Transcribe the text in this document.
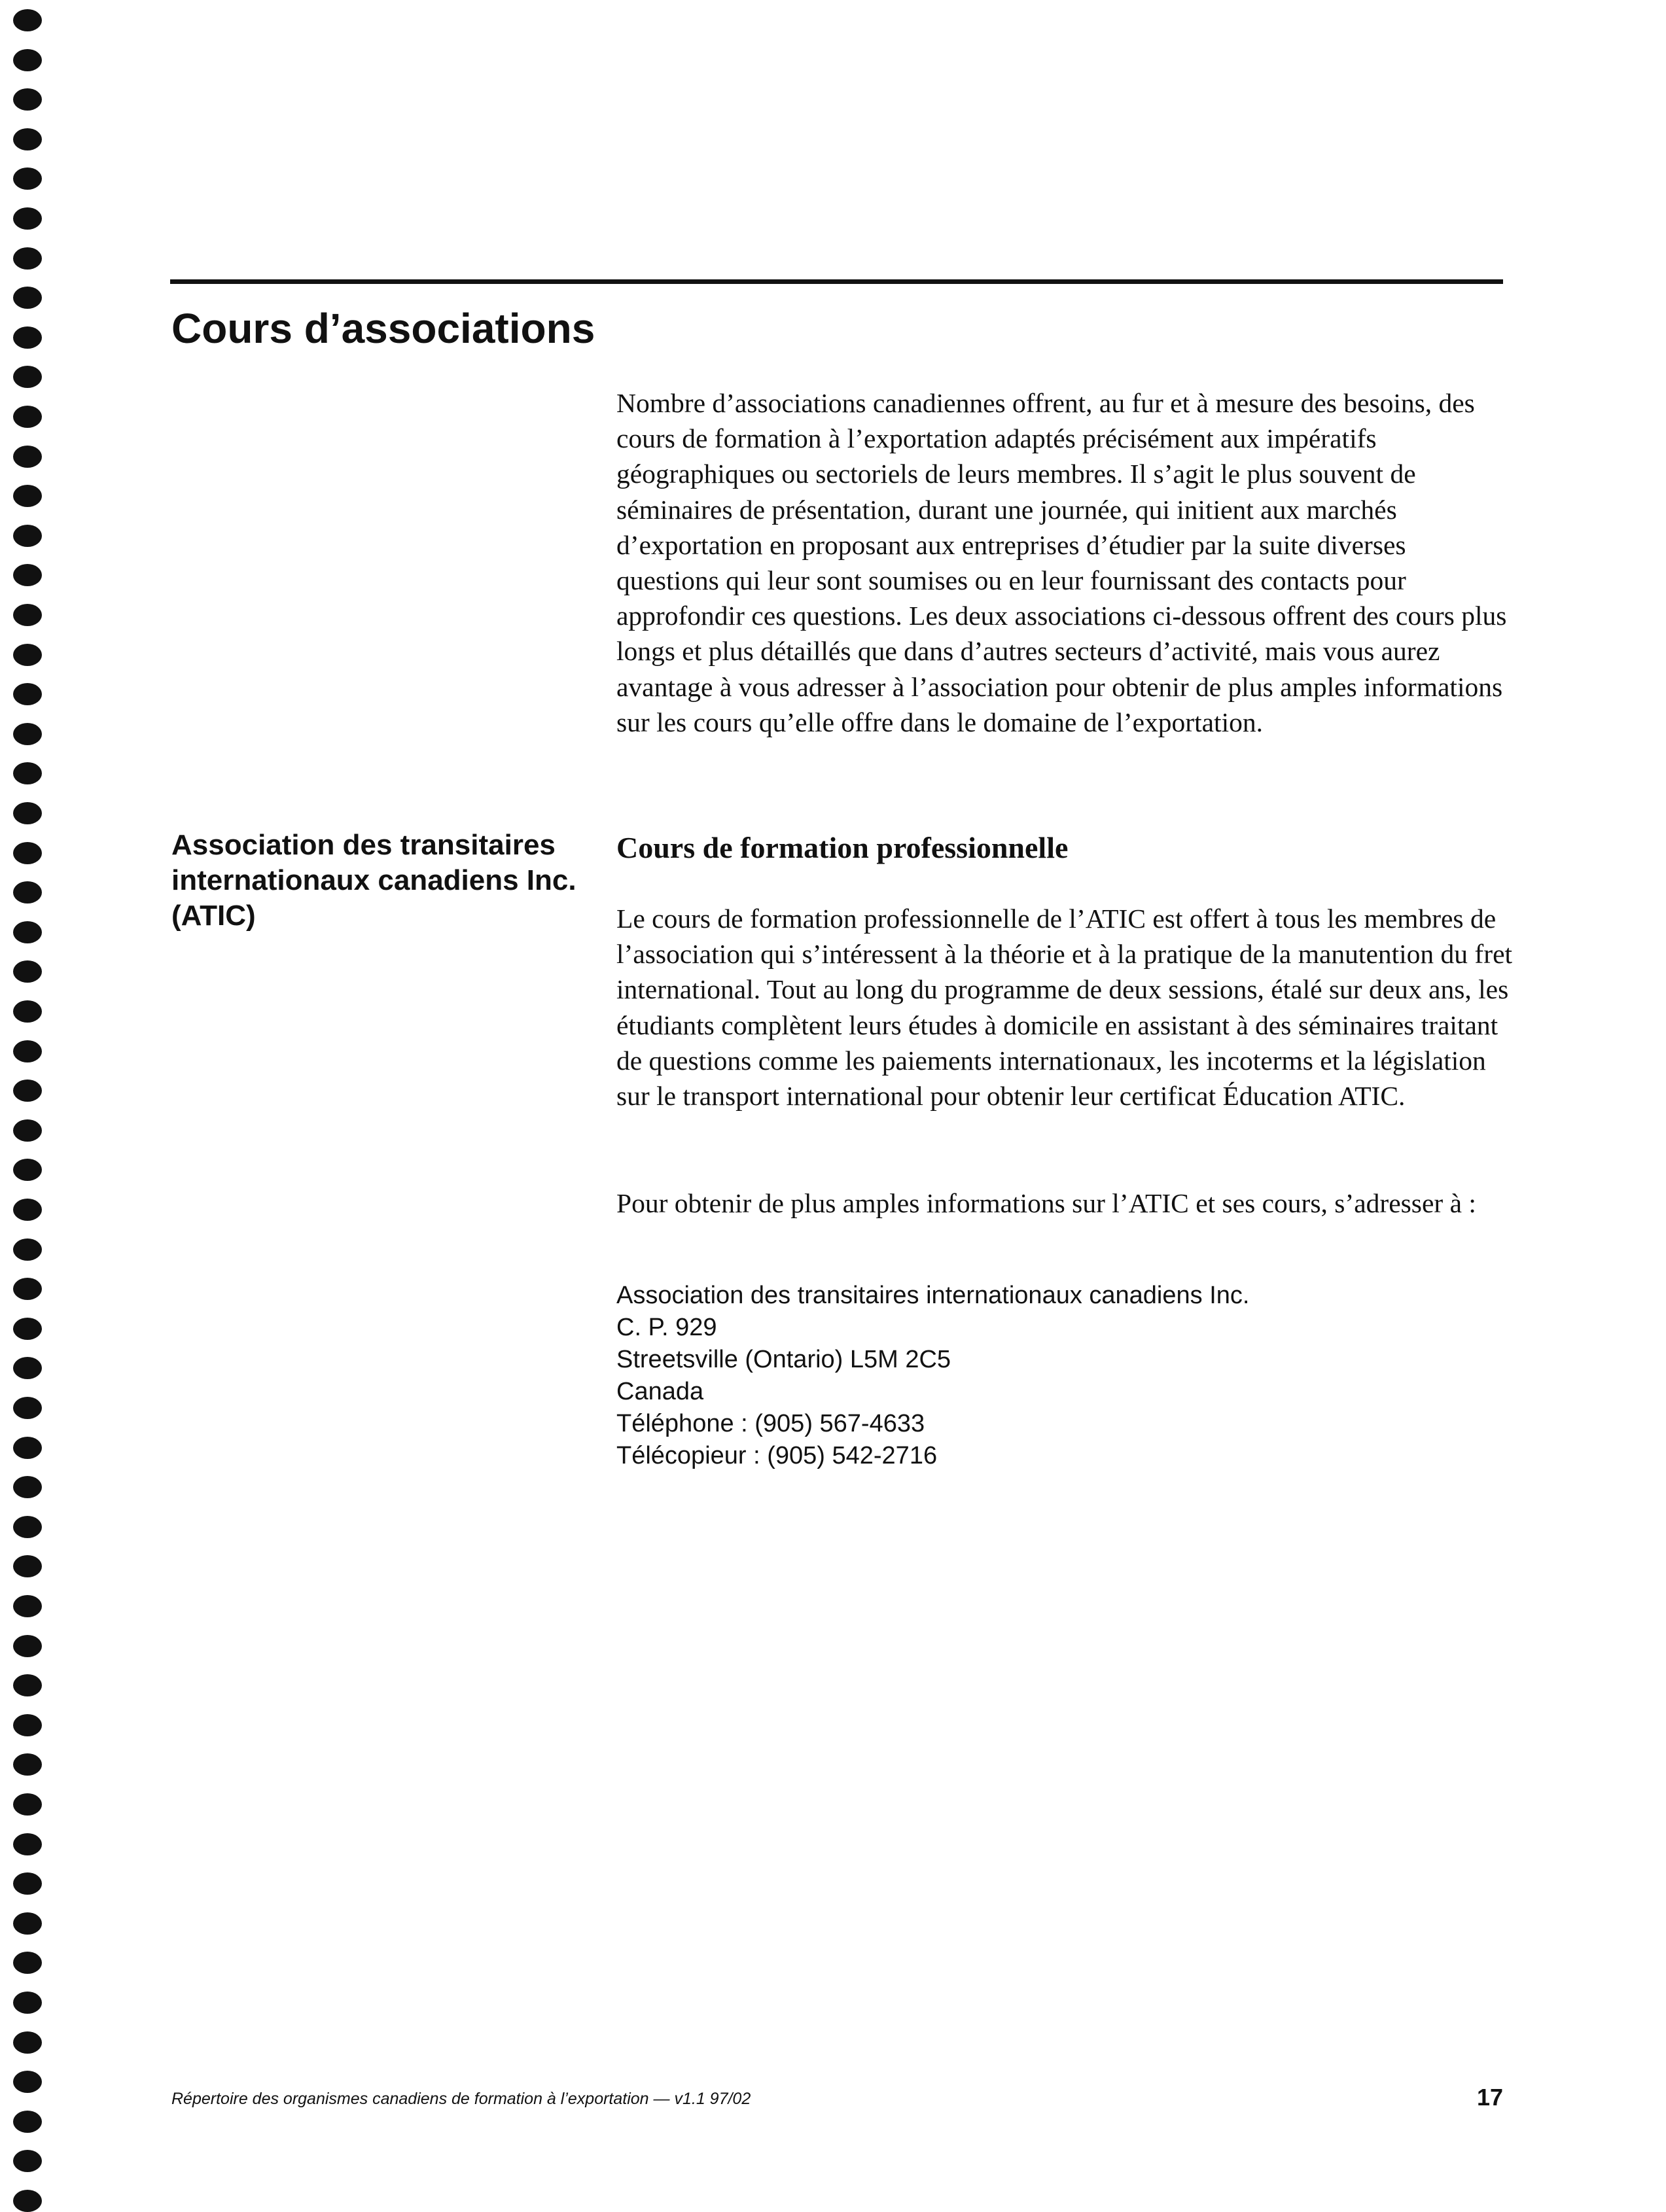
Cours d’associations

Nombre d’associations canadiennes offrent, au fur et à mesure des besoins, des cours de formation à l’exportation adaptés précisément aux impératifs géographiques ou sectoriels de leurs membres. Il s’agit le plus souvent de séminaires de présentation, durant une journée, qui initient aux marchés d’exportation en proposant aux entreprises d’étudier par la suite diverses questions qui leur sont soumises ou en leur fournissant des contacts pour approfondir ces questions. Les deux associations ci-dessous offrent des cours plus longs et plus détaillés que dans d’autres secteurs d’activité, mais vous aurez avantage à vous adresser à l’association pour obtenir de plus amples informations sur les cours qu’elle offre dans le domaine de l’exportation.

Association des transitaires internationaux canadiens Inc. (ATIC)
Cours de formation professionnelle

Le cours de formation professionnelle de l’ATIC est offert à tous les membres de l’association qui s’intéressent à la théorie et à la pratique de la manutention du fret international. Tout au long du programme de deux sessions, étalé sur deux ans, les étudiants complètent leurs études à domicile en assistant à des séminaires traitant de questions comme les paiements internationaux, les incoterms et la législation sur le transport international pour obtenir leur certificat Éducation ATIC.

Pour obtenir de plus amples informations sur l’ATIC et ses cours, s’adresser à :

Association des transitaires internationaux canadiens Inc.
C. P. 929
Streetsville (Ontario) L5M 2C5
Canada
Téléphone : (905) 567-4633
Télécopieur : (905) 542-2716

Répertoire des organismes canadiens de formation à l’exportation — v1.1 97/02	17
